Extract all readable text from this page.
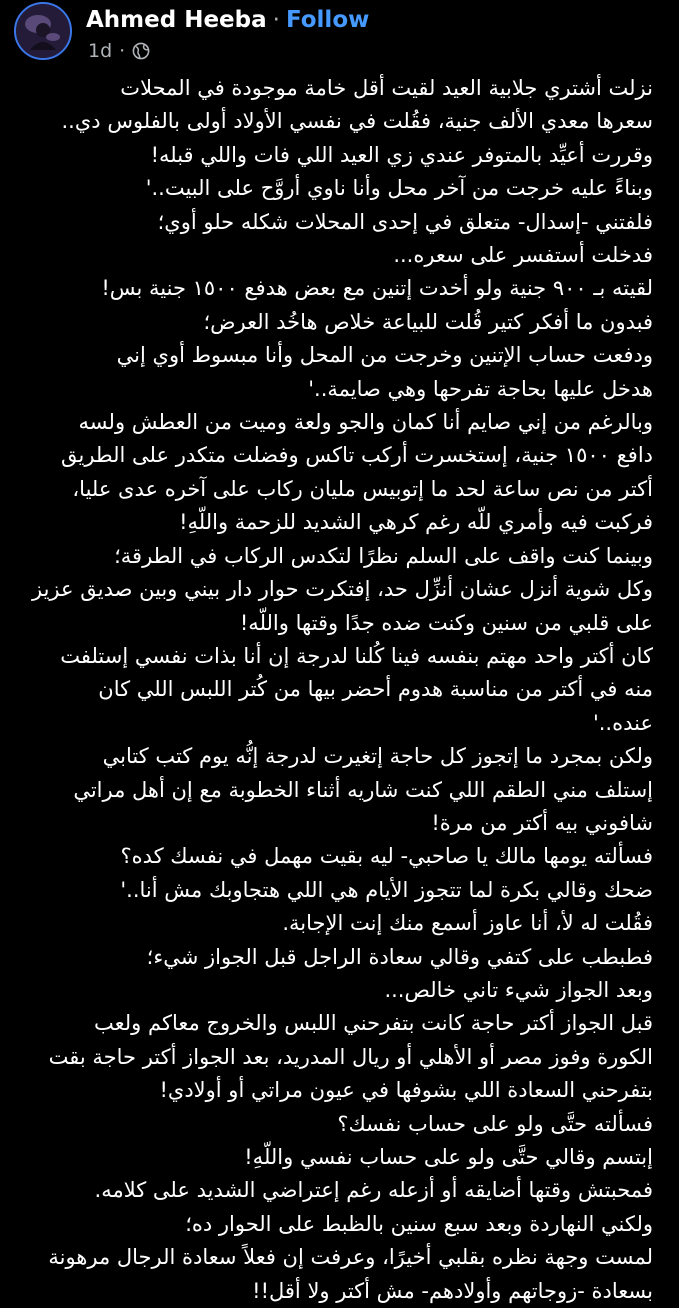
Ahmed Heeba · Follow
1d ·
نزلت أشتري جلابية العيد لقيت أقل خامة موجودة في المحلات
سعرها معدي الألف جنية، فقُلت في نفسي الأولاد أولى بالفلوس دي..
وقررت أعيِّد بالمتوفر عندي زي العيد اللي فات واللي قبله!
وبناءً عليه خرجت من آخر محل وأنا ناوي أروَّح على البيت..'
فلفتني -إسدال- متعلق في إحدى المحلات شكله حلو أوي؛
فدخلت أستفسر على سعره...
لقيته بـ ٩٠٠ جنية ولو أخدت إتنين مع بعض هدفع ١٥٠٠ جنية بس!
فبدون ما أفكر كتير قُلت للبياعة خلاص هاخُد العرض؛
ودفعت حساب الإتنين وخرجت من المحل وأنا مبسوط أوي إني
هدخل عليها بحاجة تفرحها وهي صايمة..'
وبالرغم من إني صايم أنا كمان والجو ولعة وميت من العطش ولسه
دافع ١٥٠٠ جنية، إستخسرت أركب تاكس وفضلت متكدر على الطريق
أكتر من نص ساعة لحد ما إتوبيس مليان ركاب على آخره عدى عليا،
فركبت فيه وأمري للّه رغم كرهي الشديد للزحمة واللّهِ!
وبينما كنت واقف على السلم نظرًا لتكدس الركاب في الطرقة؛
وكل شوية أنزل عشان أنزِّل حد، إفتكرت حوار دار بيني وبين صديق عزيز
على قلبي من سنين وكنت ضده جدًا وقتها واللّه!
كان أكتر واحد مهتم بنفسه فينا كُلنا لدرجة إن أنا بذات نفسي إستلفت
منه في أكتر من مناسبة هدوم أحضر بيها من كُتر اللبس اللي كان
عنده..'
ولكن بمجرد ما إتجوز كل حاجة إتغيرت لدرجة إنُّه يوم كتب كتابي
إستلف مني الطقم اللي كنت شاريه أثناء الخطوبة مع إن أهل مراتي
شافوني بيه أكتر من مرة!
فسألته يومها مالك يا صاحبي- ليه بقيت مهمل في نفسك كده؟
ضحك وقالي بكرة لما تتجوز الأيام هي اللي هتجاوبك مش أنا..'
فقُلت له لأ، أنا عاوز أسمع منك إنت الإجابة.
فطبطب على كتفي وقالي سعادة الراجل قبل الجواز شيء؛
وبعد الجواز شيء تاني خالص...
قبل الجواز أكتر حاجة كانت بتفرحني اللبس والخروج معاكم ولعب
الكورة وفوز مصر أو الأهلي أو ريال المدريد، بعد الجواز أكتر حاجة بقت
بتفرحني السعادة اللي بشوفها في عيون مراتي أو أولادي!
فسألته حتَّى ولو على حساب نفسك؟
إبتسم وقالي حتَّى ولو على حساب نفسي واللّهِ!
فمحبتش وقتها أضايقه أو أزعله رغم إعتراضي الشديد على كلامه.
ولكني النهاردة وبعد سبع سنين بالظبط على الحوار ده؛
لمست وجهة نظره بقلبي أخيرًا، وعرفت إن فعلاً سعادة الرجال مرهونة
بسعادة -زوجاتهم وأولادهم- مش أكتر ولا أقل!!
